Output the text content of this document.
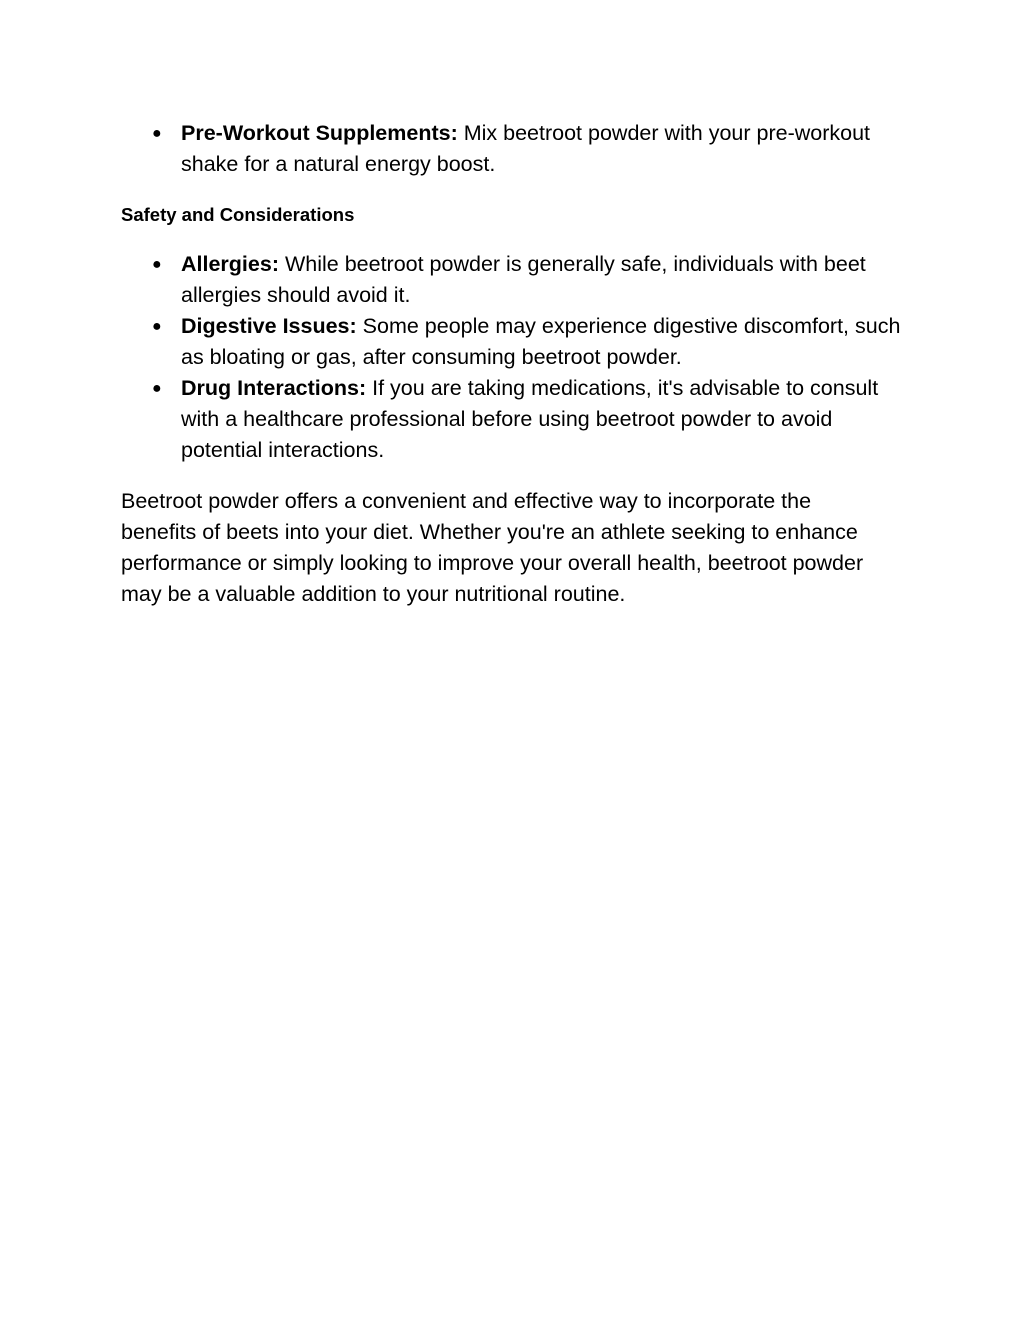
● Pre-Workout Supplements: Mix beetroot powder with your pre-workout shake for a natural energy boost.
Safety and Considerations
● Allergies: While beetroot powder is generally safe, individuals with beet allergies should avoid it.
● Digestive Issues: Some people may experience digestive discomfort, such as bloating or gas, after consuming beetroot powder.
● Drug Interactions: If you are taking medications, it's advisable to consult with a healthcare professional before using beetroot powder to avoid potential interactions.

Beetroot powder offers a convenient and effective way to incorporate the benefits of beets into your diet. Whether you're an athlete seeking to enhance performance or simply looking to improve your overall health, beetroot powder may be a valuable addition to your nutritional routine.
